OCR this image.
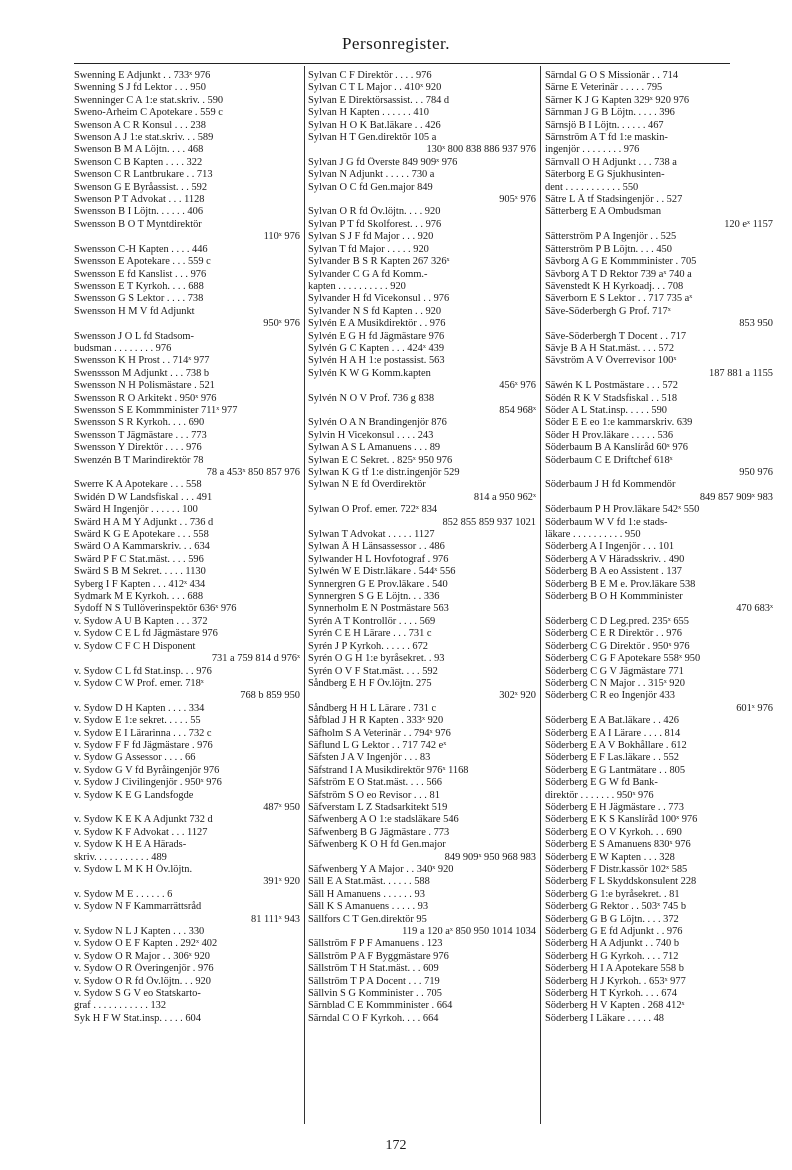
Personregister.
Swenning E Adjunkt . . 733ˣ 976
Swenning S J fd Lektor . . . 950
Swenninger C A 1:e stat.skriv. . 590
Sweno-Arheim C Apotekare . 559 c
Swenson A C R Konsul . . . 238
Swenson A J 1:e stat.skriv. . . 589
Swenson B M A Löjtn. . . . 468
Swenson C B Kapten . . . . 322
Swenson C R Lantbrukare . . 713
Swenson G E Byråassist. . . 592
Swenson P T Advokat . . . 1128
Swensson B I Löjtn. . . . . . 406
Swensson B O T Myntdirektör
110ˣ 976
Swensson C-H Kapten . . . . 446
Swensson E Apotekare . . . 559 c
Swensson E fd Kanslist . . . 976
Swensson E T Kyrkoh. . . . 688
Swensson G S Lektor . . . . 738
Swensson H M V fd Adjunkt
950ˣ 976
Swensson J O L fd Stadsom-
budsman . . . . . . . . 976
Swensson K H Prost . . 714ˣ 977
Swenssson M Adjunkt . . . 738 b
Swensson N H Polismästare . 521
Swensson R O Arkitekt . 950ˣ 976
Swensson S E Kommminister 711ˣ 977
Swensson S R Kyrkoh. . . . 690
Swensson T Jägmästare . . . 773
Swensson Y Direktör . . . . 976
Swenzén B T Marindirektör 78
78 a 453ˣ 850 857 976
Swerre K A Apotekare . . . 558
Swidén D W Landsfiskal . . . 491
Swärd H Ingenjör . . . . . . 100
Swärd H A M Y Adjunkt . . 736 d
Swärd K G E Apotekare . . . 558
Swärd O A Kammarskriv. . . 634
Swärd P F C Stat.mäst. . . . 596
Swärd S B M Sekret. . . . . 1130
Syberg I F Kapten . . . 412ˣ 434
Sydmark M E Kyrkoh. . . . 688
Sydoff N S Tullöverinspektör 636ˣ 976
v. Sydow A U B Kapten . . . 372
v. Sydow C E L fd Jägmästare 976
v. Sydow C F C H Disponent
731 a 759 814 d 976ˣ
v. Sydow C L fd Stat.insp. . . 976
v. Sydow C W Prof. emer. 718ˣ
768 b 859 950
v. Sydow D H Kapten . . . . 334
v. Sydow E 1:e sekret. . . . . 55
v. Sydow E I Lärarinna . . . 732 c
v. Sydow F F fd Jägmästare . 976
v. Sydow G Assessor . . . . 66
v. Sydow G V fd Byråingenjör 976
v. Sydow J Civilingenjör . 950ˣ 976
v. Sydow K E G Landsfogde
487ˣ 950
v. Sydow K E K A Adjunkt 732 d
v. Sydow K F Advokat . . . 1127
v. Sydow K H E A Härads-
skriv. . . . . . . . . . . 489
v. Sydow L M K H Öv.löjtn.
391ˣ 920
v. Sydow M E . . . . . . 6
v. Sydow N F Kammarrättsråd
81 111ˣ 943
v. Sydow N L J Kapten . . . 330
v. Sydow O E F Kapten . 292ˣ 402
v. Sydow O R Major . . 306ˣ 920
v. Sydow O R Överingenjör . 976
v. Sydow O R fd Öv.löjtn. . . 920
v. Sydow S G V eo Statskarto-
graf . . . . . . . . . . . 132
Syk H F W Stat.insp. . . . . 604
Sylvan C F Direktör . . . . 976
Sylvan C T L Major . . 410ˣ 920
Sylvan E Direktörsassist. . . 784 d
Sylvan H Kapten . . . . . . 410
Sylvan H O K Bat.läkare . . 426
Sylvan H T Gen.direktör 105 a
130ˣ 800 838 886 937 976
Sylvan J G fd Överste 849 909ˣ 976
Sylvan N Adjunkt . . . . . 730 a
Sylvan O C fd Gen.major 849
905ˣ 976
Sylvan O R fd Öv.löjtn. . . . 920
Sylvan P T fd Skolforest. . . 976
Sylvan S J F fd Major . . . 920
Sylvan T fd Major . . . . . 920
Sylvander B S R Kapten 267 326ˣ
Sylvander C G A fd Komm.-
kapten . . . . . . . . . . 920
Sylvander H fd Vicekonsul . . 976
Sylvander N S fd Kapten . . 920
Sylvén E A Musikdirektör . . 976
Sylvén E G H fd Jägmästare 976
Sylvén G C Kapten . . . 424ˣ 439
Sylvén H A H 1:e postassist. 563
Sylvén K W G Komm.kapten
456ˣ 976
Sylvén N O V Prof. 736 g 838
854 968ˣ
Sylvén O A N Brandingenjör 876
Sylvin H Vicekonsul . . . . 243
Sylwan A S L Amanuens . . . 89
Sylwan E C Sekret. . 825ˣ 950 976
Sylwan K G tf 1:e distr.ingenjör 529
Sylwan N E fd Överdirektör
814 a 950 962ˣ
Sylwan O Prof. emer. 722ˣ 834
852 855 859 937 1021
Sylwan T Advokat . . . . . 1127
Sylwan Å H Länsassessor . . 486
Sylwander H L Hovfotograf . 976
Sylwén W E Distr.läkare . 544ˣ 556
Synnergren G E Prov.läkare . 540
Synnergren S G E Löjtn. . . 336
Synnerholm E N Postmästare 563
Syrén A T Kontrollör . . . . 569
Syrén C E H Lärare . . . 731 c
Syrén J P Kyrkoh. . . . . . 672
Syrén O G H 1:e byråsekret. . 93
Syrén O V F Stat.mäst. . . . 592
Såndberg E H F Öv.löjtn. 275
302ˣ 920
Såndberg H H L Lärare . 731 c
Såfblad J H R Kapten . 333ˣ 920
Säfholm S A Veterinär . . 794ˣ 976
Säflund L G Lektor . . 717 742 eˣ
Säfsten J A V Ingenjör . . . 83
Säfstrand I A Musikdirektör 976ˣ 1168
Säfström E O Stat.mäst. . . . 566
Säfström S O eo Revisor . . . 81
Säfverstam L Z Stadsarkitekt 519
Säfwenberg A O 1:e stadsläkare 546
Säfwenberg B G Jägmästare . 773
Säfwenberg K O H fd Gen.major
849 909ˣ 950 968 983
Säfwenberg Y A Major . . 340ˣ 920
Säll E A Stat.mäst. . . . . . 588
Säll H Amanuens . . . . . . 93
Säll K S Amanuens . . . . . 93
Sällfors C T Gen.direktör 95
119 a 120 aˣ 850 950 1014 1034
Sällström F P F Amanuens . 123
Sällström P A F Byggmästare 976
Sällström T H Stat.mäst. . . 609
Sällström T P A Docent . . . 719
Sällvin S G Komminister . . 705
Särnblad C E Kommminister . 664
Särndal C O F Kyrkoh. . . . 664
Särndal G O S Missionär . . 714
Särne E Veterinär . . . . . 795
Särner K J G Kapten 329ˣ 920 976
Särnman J G B Löjtn. . . . . 396
Särnsjö B I Löjtn. . . . . . 467
Särnström A T fd 1:e maskin-
ingenjör . . . . . . . . 976
Särnvall O H Adjunkt . . . 738 a
Säterborg E G Sjukhusinten-
dent . . . . . . . . . . . 550
Sätre L Å tf Stadsingenjör . . 527
Sätterberg E A Ombudsman
120 eˣ 1157
Sätterström P A Ingenjör . . 525
Sätterström P B Löjtn. . . . 450
Sävborg A G E Kommminister . 705
Sävborg A T D Rektor 739 aˣ 740 a
Sävenstedt K H Kyrkoadj. . . 708
Säverborn E S Lektor . . 717 735 aˣ
Säve-Söderbergh G Prof. 717ˣ
853 950
Säve-Söderbergh T Docent . . 717
Sävje B A H Stat.mäst. . . . 572
Sävström A V Överrevisor 100ˣ
187 881 a 1155
Säwén K L Postmästare . . . 572
Södén R K V Stadsfiskal . . 518
Söder A L Stat.insp. . . . . 590
Söder E E eo 1:e kammarskriv. 639
Söder H Prov.läkare . . . . . 536
Söderbaum B A Kanslíråd 60ˣ 976
Söderbaum C E Driftchef 618ˣ
950 976
Söderbaum J H fd Kommendör
849 857 909ˣ 983
Söderbaum P H Prov.läkare 542ˣ 550
Söderbaum W V fd 1:e stads-
läkare . . . . . . . . . . 950
Söderberg A I Ingenjör . . . 101
Söderberg A V Häradsskriv. . 490
Söderberg B A eo Assistent . 137
Söderberg B E M e. Prov.läkare 538
Söderberg B O H Kommminister
470 683ˣ
Söderberg C D Leg.pred. 235ˣ 655
Söderberg C E R Direktör . . 976
Söderberg C G Direktör . 950ˣ 976
Söderberg C G F Apotekare 558ˣ 950
Söderberg C G V Jägmästare 771
Söderberg C N Major . . 315ˣ 920
Söderberg C R eo Ingenjör 433
601ˣ 976
Söderberg E A Bat.läkare . . 426
Söderberg E A I Lärare . . . . 814
Söderberg E A V Bokhållare . 612
Söderberg E F Las.läkare . . 552
Söderberg E G Lantmätare . . 805
Söderberg E G W fd Bank-
direktör . . . . . . . 950ˣ 976
Söderberg E H Jägmästare . . 773
Söderberg E K S Kanslíråd 100ˣ 976
Söderberg E O V Kyrkoh. . . 690
Söderberg E S Amanuens 830ˣ 976
Söderberg E W Kapten . . . 328
Söderberg F Distr.kassör 102ˣ 585
Söderberg F L Skyddskonsulent 228
Söderberg G 1:e byråsekret. . 81
Söderberg G Rektor . . 503ˣ 745 b
Söderberg G B G Löjtn. . . . 372
Söderberg G E fd Adjunkt . . 976
Söderberg H A Adjunkt . . 740 b
Söderberg H G Kyrkoh. . . . 712
Söderberg H I A Apotekare 558 b
Söderberg H J Kyrkoh. . 653ˣ 977
Söderberg H T Kyrkoh. . . . 674
Söderberg H V Kapten . 268 412ˣ
Söderberg I Läkare . . . . . 48
172
